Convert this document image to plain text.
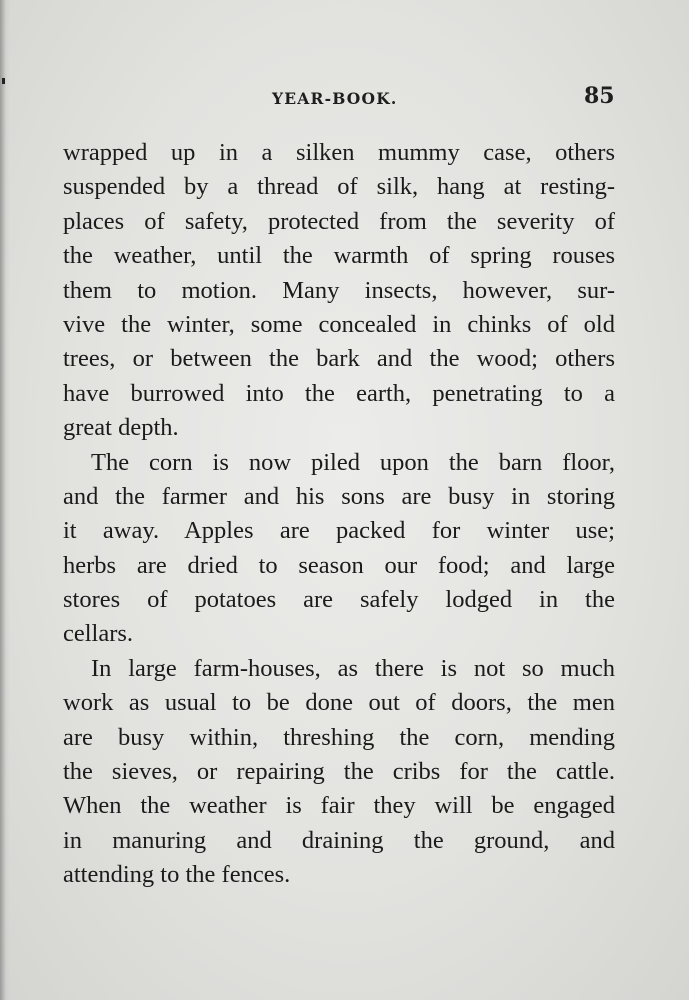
YEAR-BOOK.	85
wrapped up in a silken mummy case, others
suspended by a thread of silk, hang at resting-
places of safety, protected from the severity of
the weather, until the warmth of spring rouses
them to motion. Many insects, however, sur-
vive the winter, some concealed in chinks of old
trees, or between the bark and the wood; others
have burrowed into the earth, penetrating to a
great depth.
The corn is now piled upon the barn floor,
and the farmer and his sons are busy in storing
it away. Apples are packed for winter use;
herbs are dried to season our food; and large
stores of potatoes are safely lodged in the
cellars.
In large farm-houses, as there is not so much
work as usual to be done out of doors, the men
are busy within, threshing the corn, mending
the sieves, or repairing the cribs for the cattle.
When the weather is fair they will be engaged
in manuring and draining the ground, and
attending to the fences.
